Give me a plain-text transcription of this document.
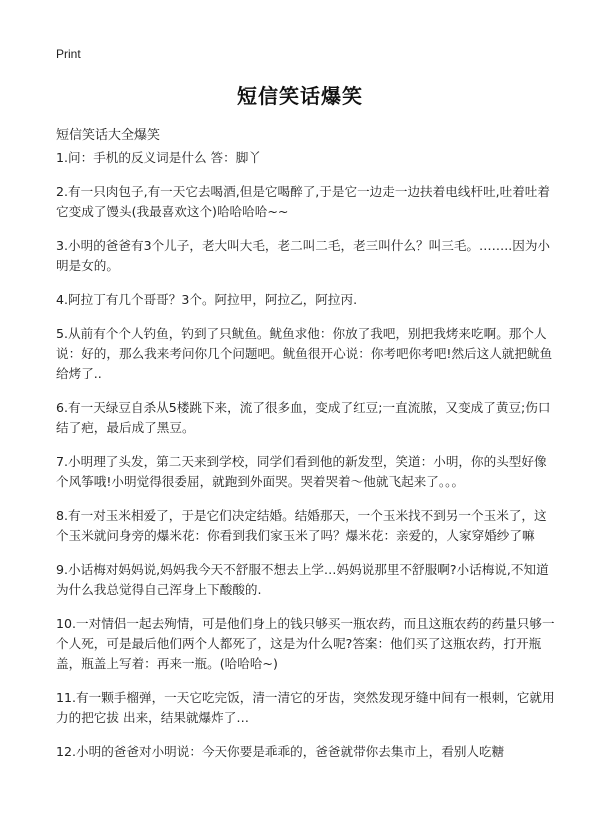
Print
短信笑话爆笑
短信笑话大全爆笑
1.问：手机的反义词是什么 答：脚丫
2.有一只肉包子,有一天它去喝酒,但是它喝醉了,于是它一边走一边扶着电线杆吐,吐着吐着 它变成了馒头(我最喜欢这个)哈哈哈哈~~
3.小明的爸爸有3个儿子，老大叫大毛，老二叫二毛，老三叫什么？叫三毛。……..因为小明是女的。
4.阿拉丁有几个哥哥？3个。阿拉甲，阿拉乙，阿拉丙.
5.从前有个个人钓鱼，钓到了只鱿鱼。鱿鱼求他：你放了我吧，别把我烤来吃啊。那个人说：好的，那么我来考问你几个问题吧。鱿鱼很开心说：你考吧你考吧!然后这人就把鱿鱼给烤了..
6.有一天绿豆自杀从5楼跳下来，流了很多血，变成了红豆;一直流脓，又变成了黄豆;伤口结了疤，最后成了黑豆。
7.小明理了头发，第二天来到学校，同学们看到他的新发型，笑道：小明，你的头型好像个风筝哦!小明觉得很委屈，就跑到外面哭。哭着哭着～他就飞起来了。。。
8.有一对玉米相爱了，于是它们决定结婚。结婚那天，一个玉米找不到另一个玉米了，这个玉米就问身旁的爆米花：你看到我们家玉米了吗？爆米花：亲爱的，人家穿婚纱了嘛
9.小话梅对妈妈说,妈妈我今天不舒服不想去上学…妈妈说那里不舒服啊?小话梅说,不知道为什么我总觉得自己浑身上下酸酸的.
10.一对情侣一起去殉情，可是他们身上的钱只够买一瓶农药，而且这瓶农药的药量只够一个人死，可是最后他们两个人都死了，这是为什么呢?答案：他们买了这瓶农药，打开瓶盖，瓶盖上写着：再来一瓶。(哈哈哈~)
11.有一颗手榴弹，一天它吃完饭，清一清它的牙齿，突然发现牙缝中间有一根刺，它就用力的把它拔 出来，结果就爆炸了…
12.小明的爸爸对小明说：今天你要是乖乖的，爸爸就带你去集市上，看别人吃糖
